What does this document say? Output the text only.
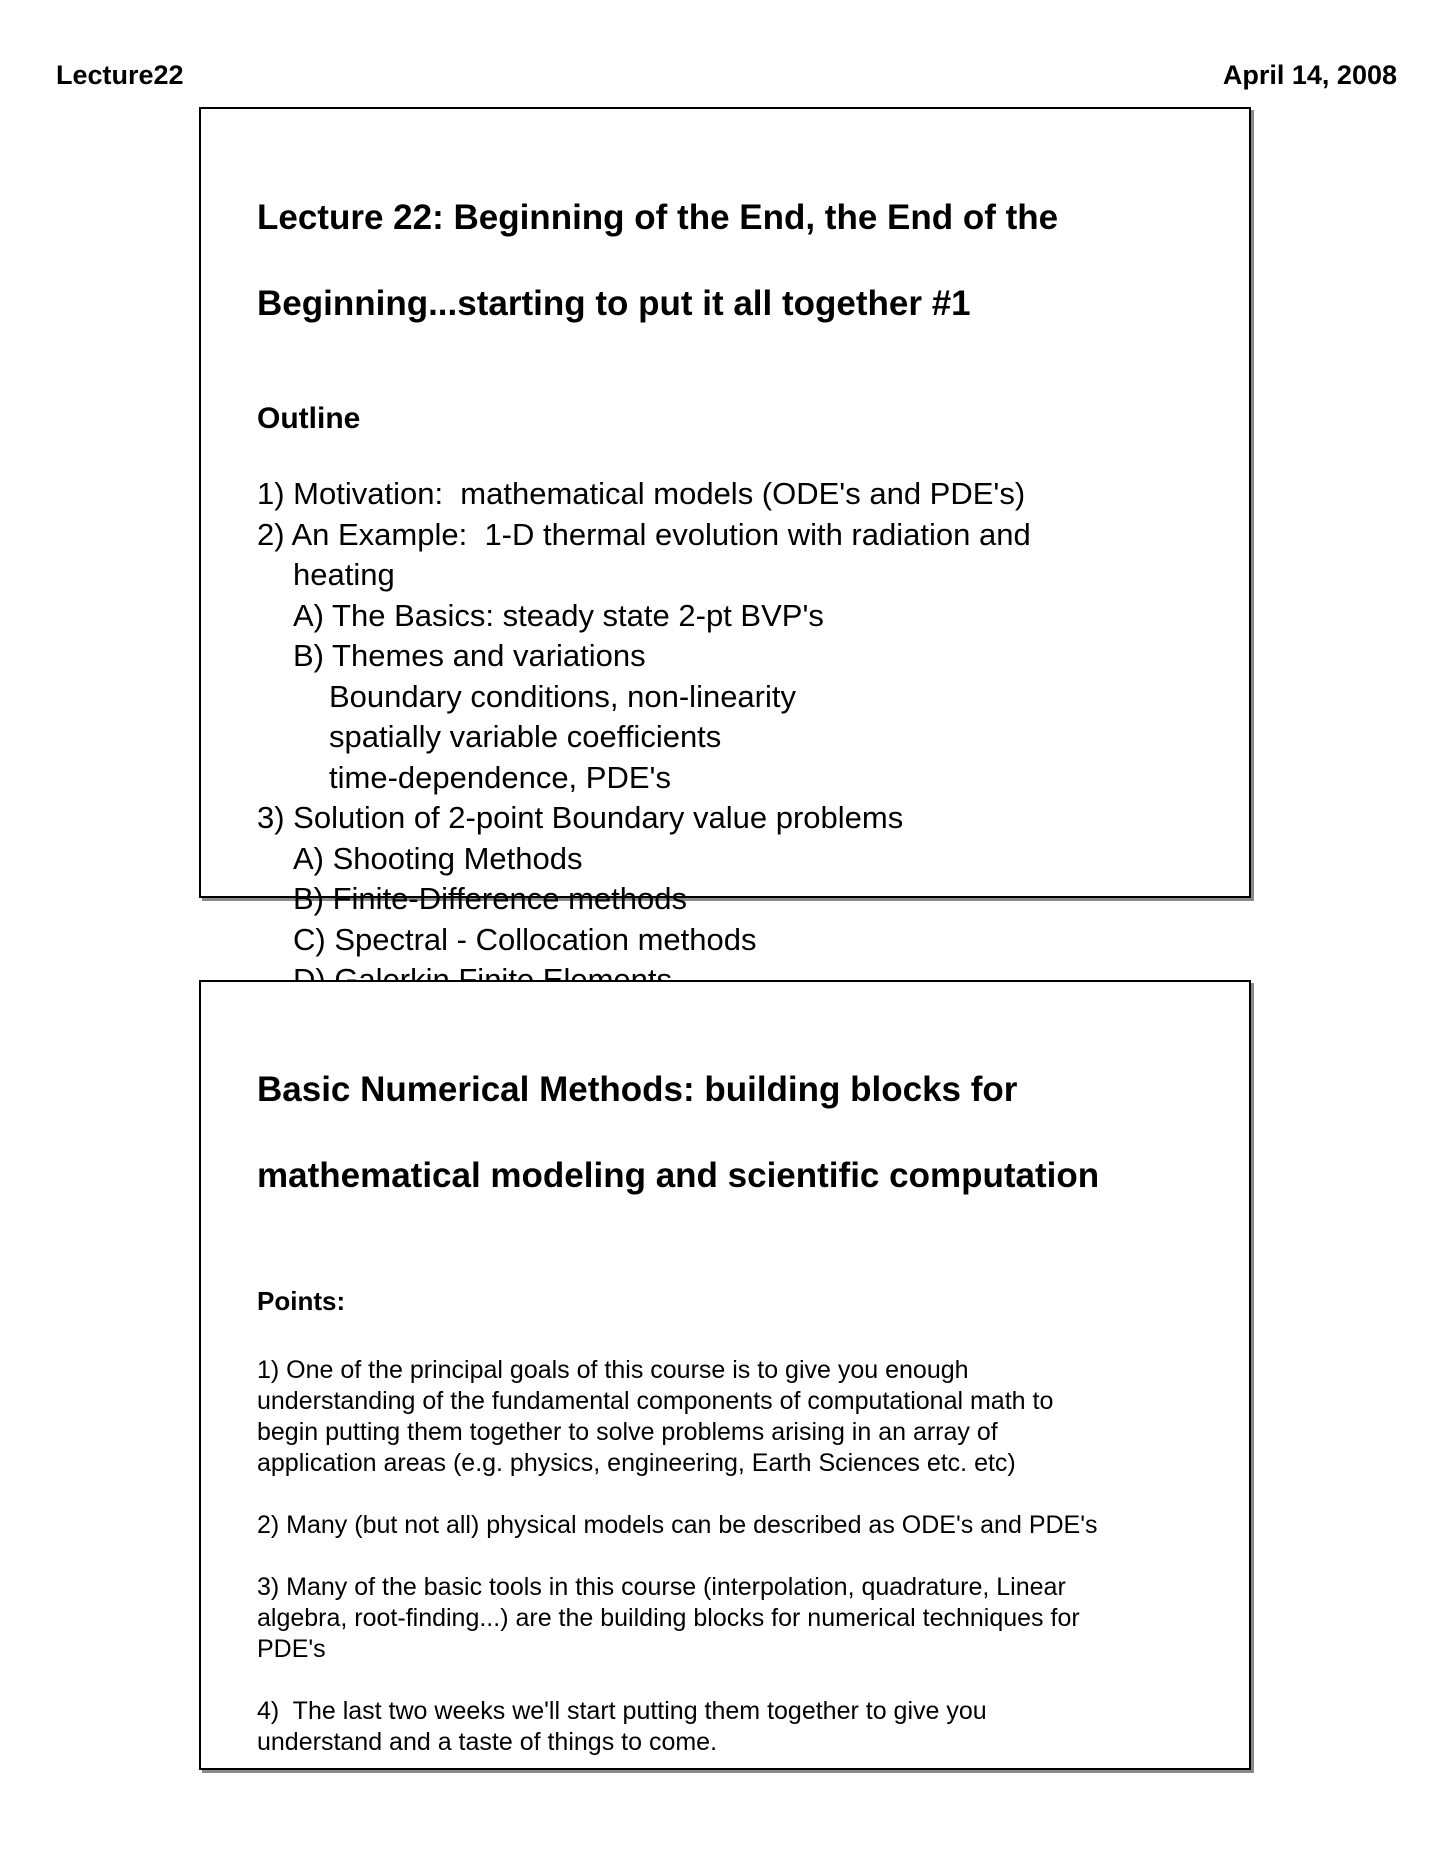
Lecture22	April 14, 2008

Lecture 22: Beginning of the End, the End of the

Beginning...starting to put it all together #1

Outline
1) Motivation:  mathematical models (ODE's and PDE's)
2) An Example:  1-D thermal evolution with radiation and
heating
A) The Basics: steady state 2-pt BVP's
B) Themes and variations
Boundary conditions, non-linearity
spatially variable coefficients
time-dependence, PDE's
3) Solution of 2-point Boundary value problems
A) Shooting Methods
B) Finite-Difference methods
C) Spectral - Collocation methods

Basic Numerical Methods: building blocks for

mathematical modeling and scientific computation

Points:
1) One of the principal goals of this course is to give you enough
understanding of the fundamental components of computational math to
begin putting them together to solve problems arising in an array of
application areas (e.g. physics, engineering, Earth Sciences etc. etc)
2) Many (but not all) physical models can be described as ODE's and PDE's
3) Many of the basic tools in this course (interpolation, quadrature, Linear
algebra, root-finding...) are the building blocks for numerical techniques for
PDE's
4)  The last two weeks we'll start putting them together to give you
understand and a taste of things to come.
